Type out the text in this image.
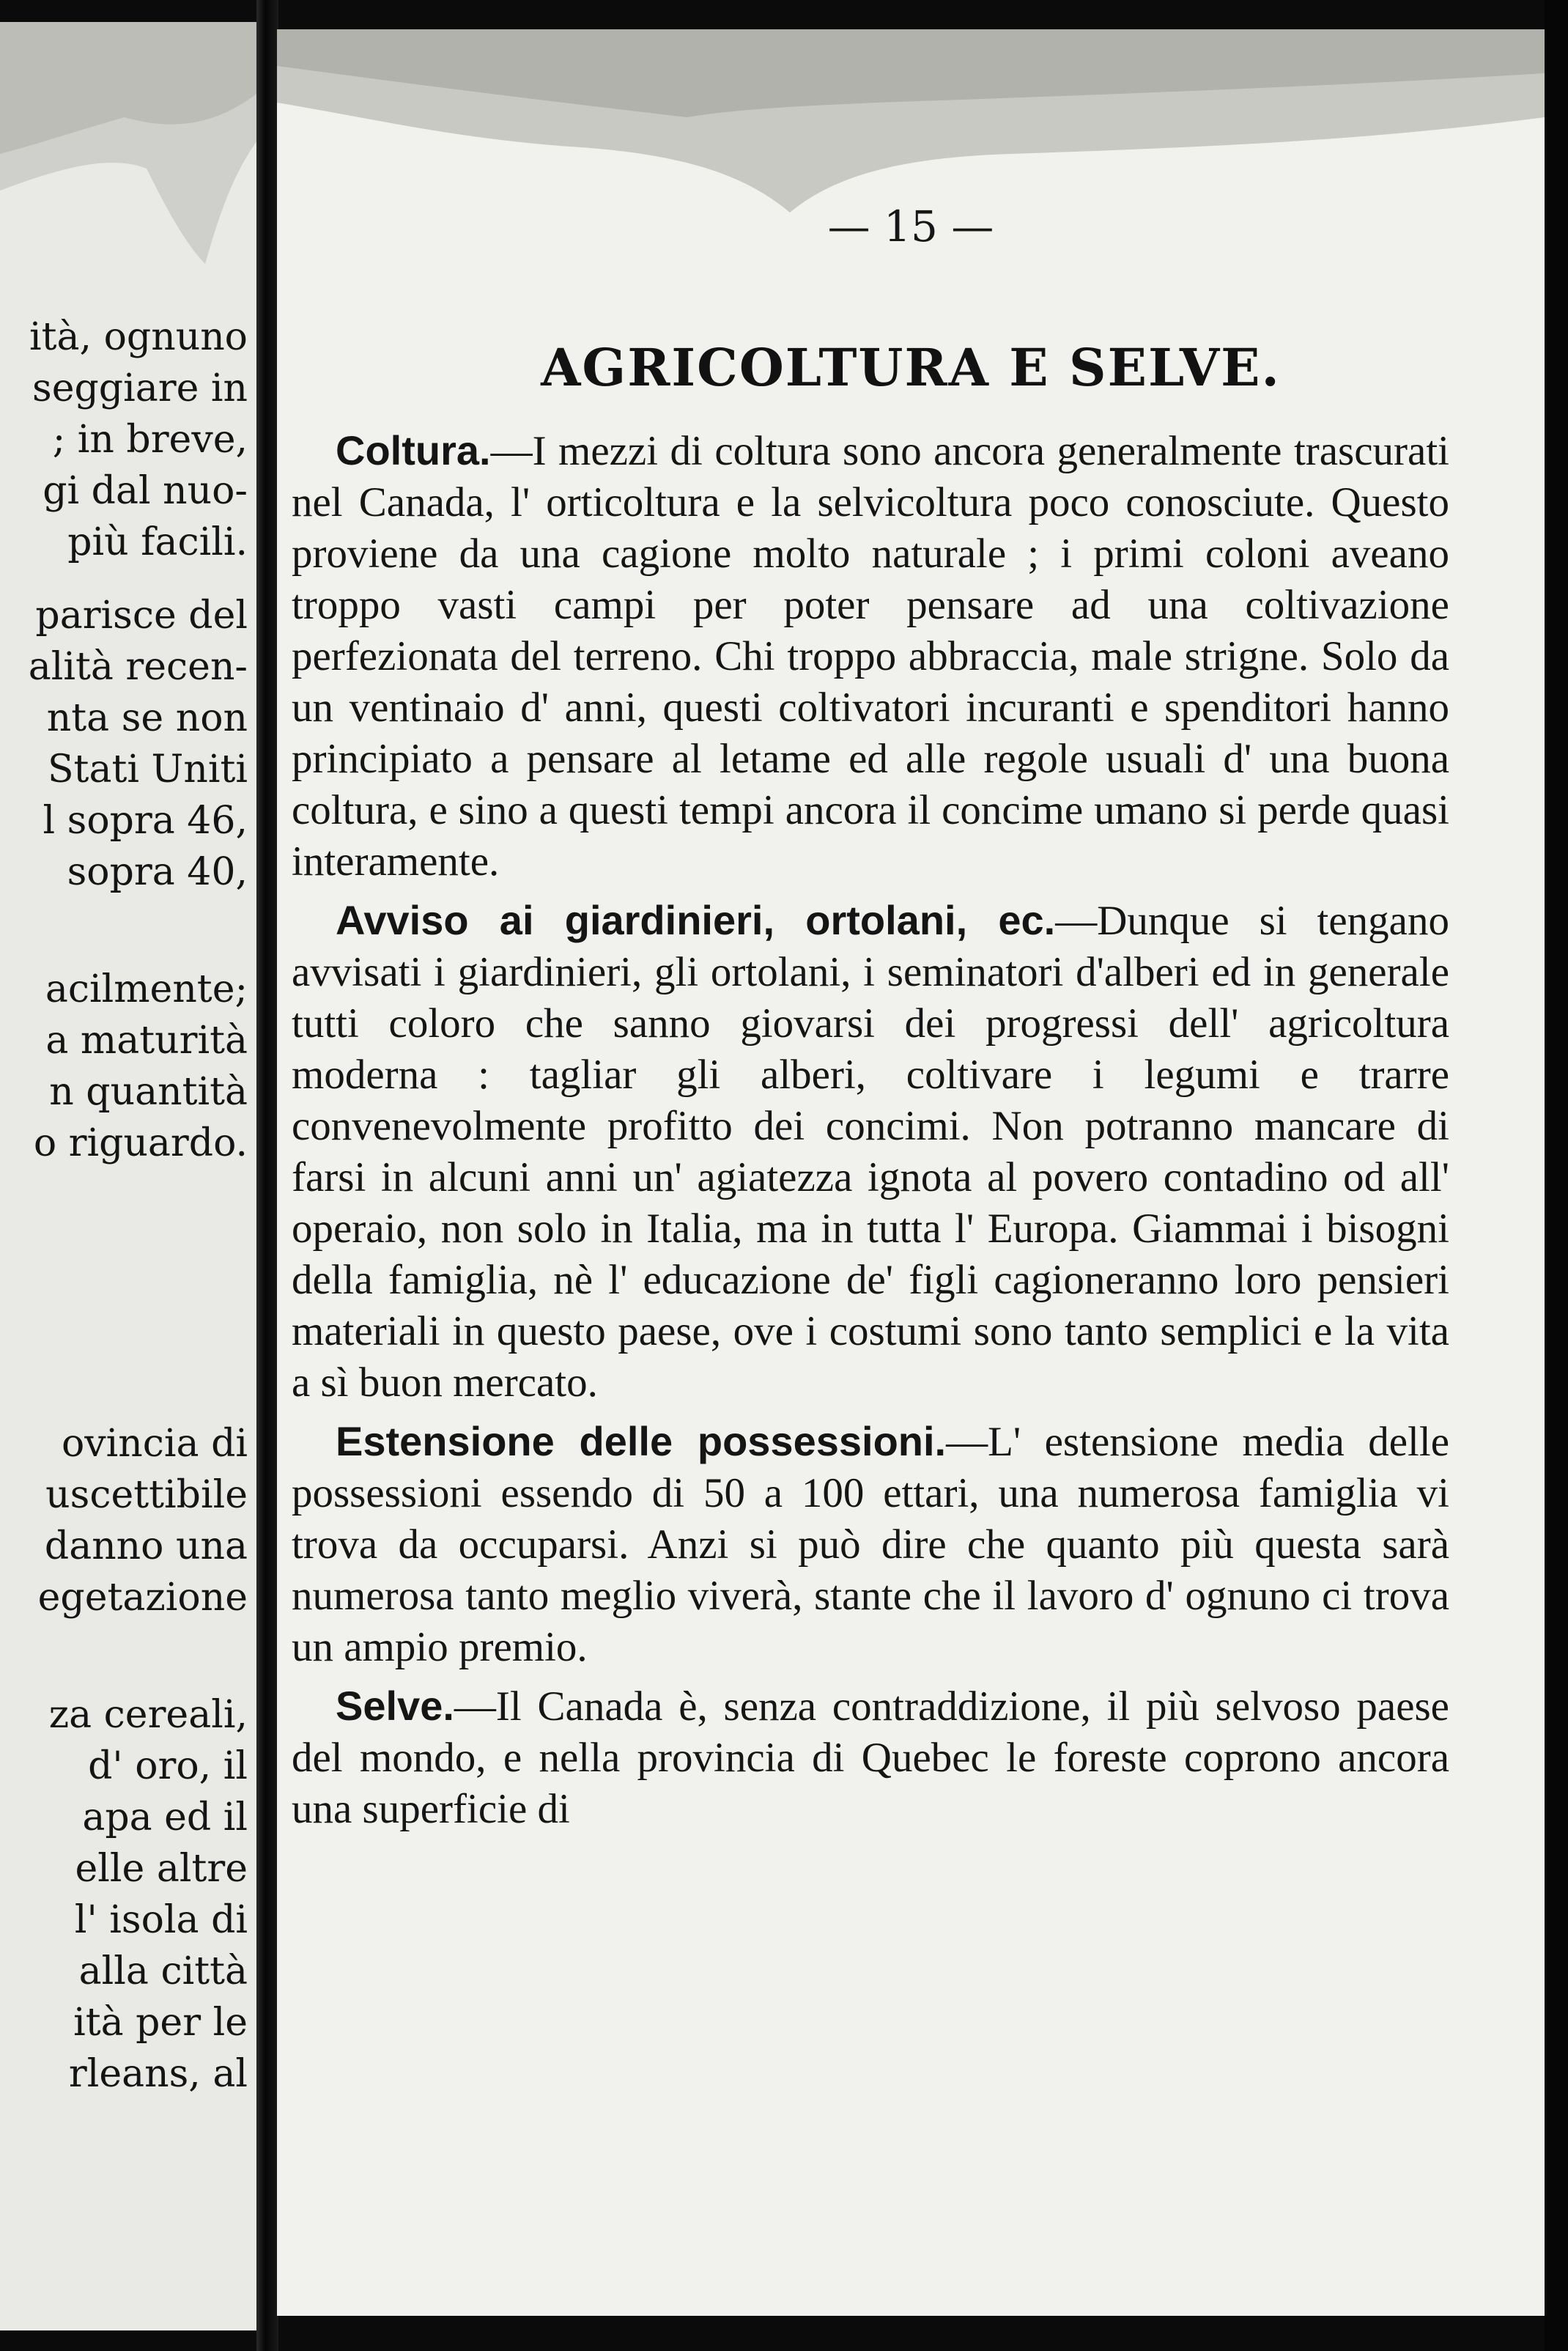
ità, ognuno
seggiare in
; in breve,
gi dal nuo-
più facili.
parisce del
alità recen-
nta se non
Stati Uniti
l sopra 46,
sopra 40,
acilmente;
a maturità
n quantità
o riguardo.
ovincia di
uscettibile
danno una
egetazione
za cereali,
d' oro, il
apa ed il
elle altre
l' isola di
alla città
ità per le
rleans, al
— 15 —
AGRICOLTURA E SELVE.

Coltura.—I mezzi di coltura sono ancora generalmente trascurati nel Canada, l' orticoltura e la selvicoltura poco conosciute. Questo proviene da una cagione molto naturale ; i primi coloni aveano troppo vasti campi per poter pensare ad una coltivazione perfezionata del terreno. Chi troppo abbraccia, male strigne. Solo da un ventinaio d' anni, questi coltivatori incuranti e spenditori hanno principiato a pensare al letame ed alle regole usuali d' una buona coltura, e sino a questi tempi ancora il concime umano si perde quasi interamente.

Avviso ai giardinieri, ortolani, ec.—Dunque si tengano avvisati i giardinieri, gli ortolani, i seminatori d'alberi ed in generale tutti coloro che sanno giovarsi dei progressi dell' agricoltura moderna : tagliar gli alberi, coltivare i legumi e trarre convenevolmente profitto dei concimi. Non potranno mancare di farsi in alcuni anni un' agiatezza ignota al povero contadino od all' operaio, non solo in Italia, ma in tutta l' Europa. Giammai i bisogni della famiglia, nè l' educazione de' figli cagioneranno loro pensieri materiali in questo paese, ove i costumi sono tanto semplici e la vita a sì buon mercato.

Estensione delle possessioni.—L' estensione media delle possessioni essendo di 50 a 100 ettari, una numerosa famiglia vi trova da occuparsi. Anzi si può dire che quanto più questa sarà numerosa tanto meglio viverà, stante che il lavoro d' ognuno ci trova un ampio premio.

Selve.—Il Canada è, senza contraddizione, il più selvoso paese del mondo, e nella provincia di Quebec le foreste coprono ancora una superficie di
